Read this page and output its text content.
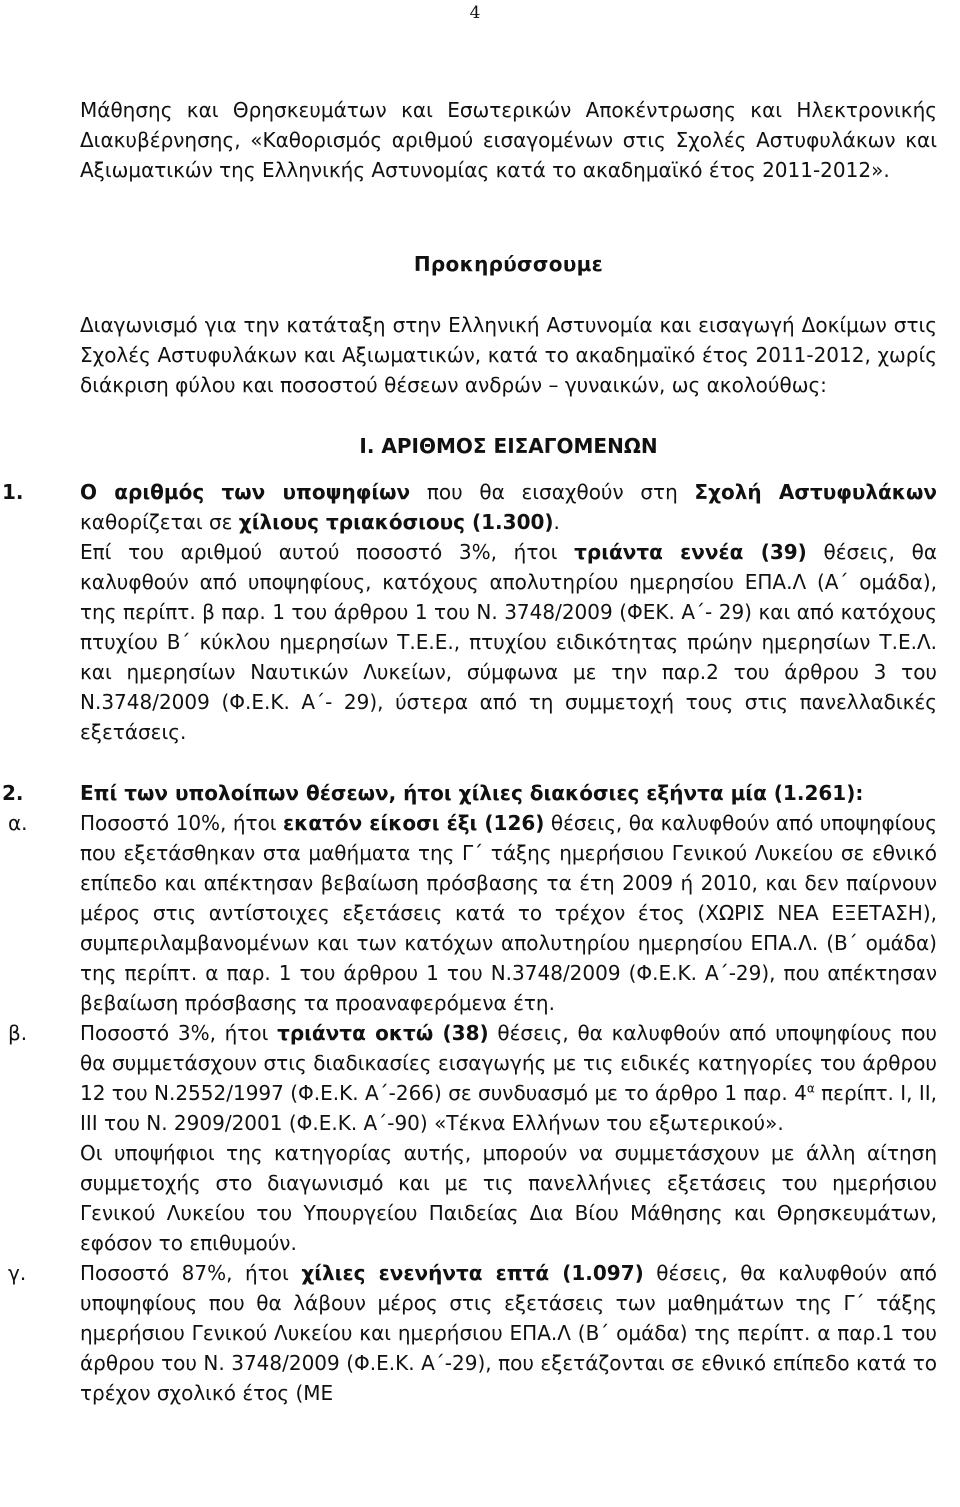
4

Μάθησης και Θρησκευμάτων και Εσωτερικών Αποκέντρωσης και Ηλεκτρονικής Διακυβέρνησης, «Καθορισμός αριθμού εισαγομένων στις Σχολές Αστυφυλάκων και Αξιωματικών της Ελληνικής Αστυνομίας κατά το ακαδημαϊκό έτος 2011-2012».

Προκηρύσσουμε

Διαγωνισμό για την κατάταξη στην Ελληνική Αστυνομία και εισαγωγή Δοκίμων στις Σχολές Αστυφυλάκων και Αξιωματικών, κατά το ακαδημαϊκό έτος 2011-2012, χωρίς διάκριση φύλου και ποσοστού θέσεων ανδρών – γυναικών, ως ακολούθως:

Ι. ΑΡΙΘΜΟΣ ΕΙΣΑΓΟΜΕΝΩΝ

1.	Ο αριθμός των υποψηφίων που θα εισαχθούν στη Σχολή Αστυφυλάκων καθορίζεται σε χίλιους τριακόσιους (1.300).

Επί του αριθμού αυτού ποσοστό 3%, ήτοι τριάντα εννέα (39) θέσεις, θα καλυφθούν από υποψηφίους, κατόχους απολυτηρίου ημερησίου ΕΠΑ.Λ (Α΄ ομάδα), της περίπτ. β παρ. 1 του άρθρου 1 του Ν. 3748/2009 (ΦΕΚ. Α΄- 29) και από κατόχους πτυχίου Β΄ κύκλου ημερησίων Τ.Ε.Ε., πτυχίου ειδικότητας πρώην ημερησίων Τ.Ε.Λ. και ημερησίων Ναυτικών Λυκείων, σύμφωνα με την παρ.2 του άρθρου 3 του Ν.3748/2009 (Φ.Ε.Κ. Α΄- 29), ύστερα από τη συμμετοχή τους στις πανελλαδικές εξετάσεις.

2.	Επί των υπολοίπων θέσεων, ήτοι χίλιες διακόσιες εξήντα μία (1.261):

α.	Ποσοστό 10%, ήτοι εκατόν είκοσι έξι (126) θέσεις, θα καλυφθούν από υποψηφίους που εξετάσθηκαν στα μαθήματα της Γ΄ τάξης ημερήσιου Γενικού Λυκείου σε εθνικό επίπεδο και απέκτησαν βεβαίωση πρόσβασης τα έτη 2009 ή 2010, και δεν παίρνουν μέρος στις αντίστοιχες εξετάσεις κατά το τρέχον έτος (ΧΩΡΙΣ ΝΕΑ ΕΞΕΤΑΣΗ), συμπεριλαμβανομένων και των κατόχων απολυτηρίου ημερησίου ΕΠΑ.Λ. (Β΄ ομάδα) της περίπτ. α παρ. 1 του άρθρου 1 του Ν.3748/2009 (Φ.Ε.Κ. Α΄-29), που απέκτησαν βεβαίωση πρόσβασης τα προαναφερόμενα έτη.

β.	Ποσοστό 3%, ήτοι τριάντα οκτώ (38) θέσεις, θα καλυφθούν από υποψηφίους που θα συμμετάσχουν στις διαδικασίες εισαγωγής με τις ειδικές κατηγορίες του άρθρου 12 του Ν.2552/1997 (Φ.Ε.Κ. Α΄-266) σε συνδυασμό με το άρθρο 1 παρ. $4^\alpha$ περίπτ. Ι, ΙΙ, ΙΙΙ του Ν. 2909/2001 (Φ.Ε.Κ. Α΄-90) «Τέκνα Ελλήνων του εξωτερικού».

Οι υποψήφιοι της κατηγορίας αυτής, μπορούν να συμμετάσχουν με άλλη αίτηση συμμετοχής στο διαγωνισμό και με τις πανελλήνιες εξετάσεις του ημερήσιου Γενικού Λυκείου του Υπουργείου Παιδείας Δια Βίου Μάθησης και Θρησκευμάτων, εφόσον το επιθυμούν.

γ.	Ποσοστό 87%, ήτοι χίλιες ενενήντα επτά (1.097) θέσεις, θα καλυφθούν από υποψηφίους που θα λάβουν μέρος στις εξετάσεις των μαθημάτων της Γ΄ τάξης ημερήσιου Γενικού Λυκείου και ημερήσιου ΕΠΑ.Λ (Β΄ ομάδα) της περίπτ. α παρ.1 του άρθρου του Ν. 3748/2009 (Φ.Ε.Κ. Α΄-29), που εξετάζονται σε εθνικό επίπεδο κατά το τρέχον σχολικό έτος (ΜΕ
